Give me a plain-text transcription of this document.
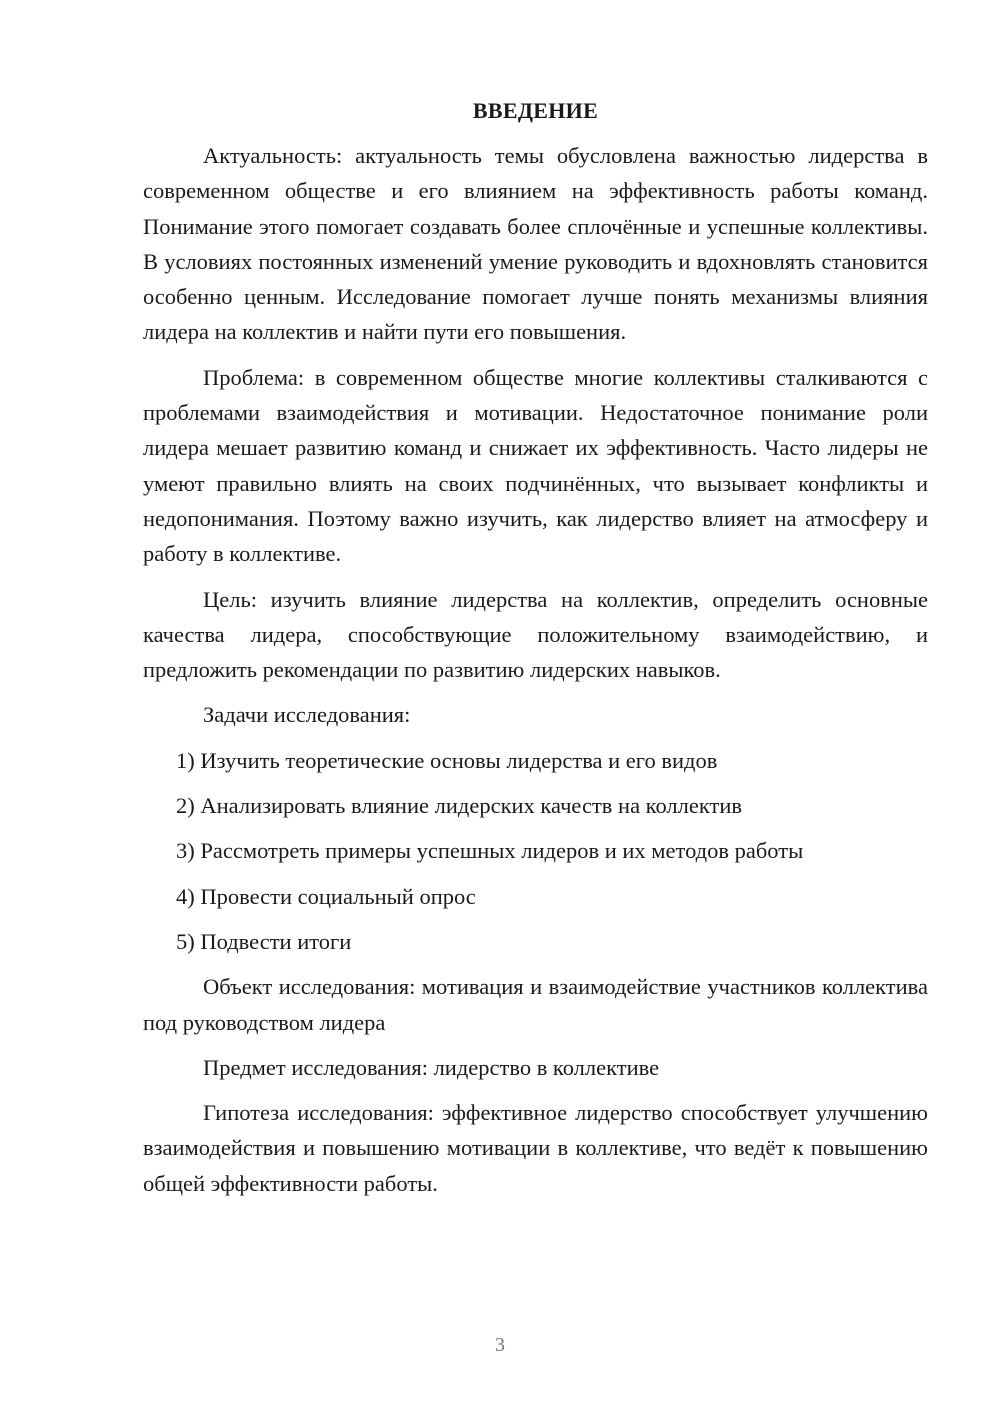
ВВЕДЕНИЕ

Актуальность: актуальность темы обусловлена важностью лидерства в современном обществе и его влиянием на эффективность работы команд. Понимание этого помогает создавать более сплочённые и успешные коллективы. В условиях постоянных изменений умение руководить и вдохновлять становится особенно ценным. Исследование помогает лучше понять механизмы влияния лидера на коллектив и найти пути его повышения.

Проблема: в современном обществе многие коллективы сталкиваются с проблемами взаимодействия и мотивации. Недостаточное понимание роли лидера мешает развитию команд и снижает их эффективность. Часто лидеры не умеют правильно влиять на своих подчинённых, что вызывает конфликты и недопонимания. Поэтому важно изучить, как лидерство влияет на атмосферу и работу в коллективе.

Цель: изучить влияние лидерства на коллектив, определить основные качества лидера, способствующие положительному взаимодействию, и предложить рекомендации по развитию лидерских навыков.

Задачи исследования:

1) Изучить теоретические основы лидерства и его видов
2) Анализировать влияние лидерских качеств на коллектив
3) Рассмотреть примеры успешных лидеров и их методов работы
4) Провести социальный опрос
5) Подвести итоги

Объект исследования: мотивация и взаимодействие участников коллектива под руководством лидера

Предмет исследования: лидерство в коллективе

Гипотеза исследования: эффективное лидерство способствует улучшению взаимодействия и повышению мотивации в коллективе, что ведёт к повышению общей эффективности работы.

3
